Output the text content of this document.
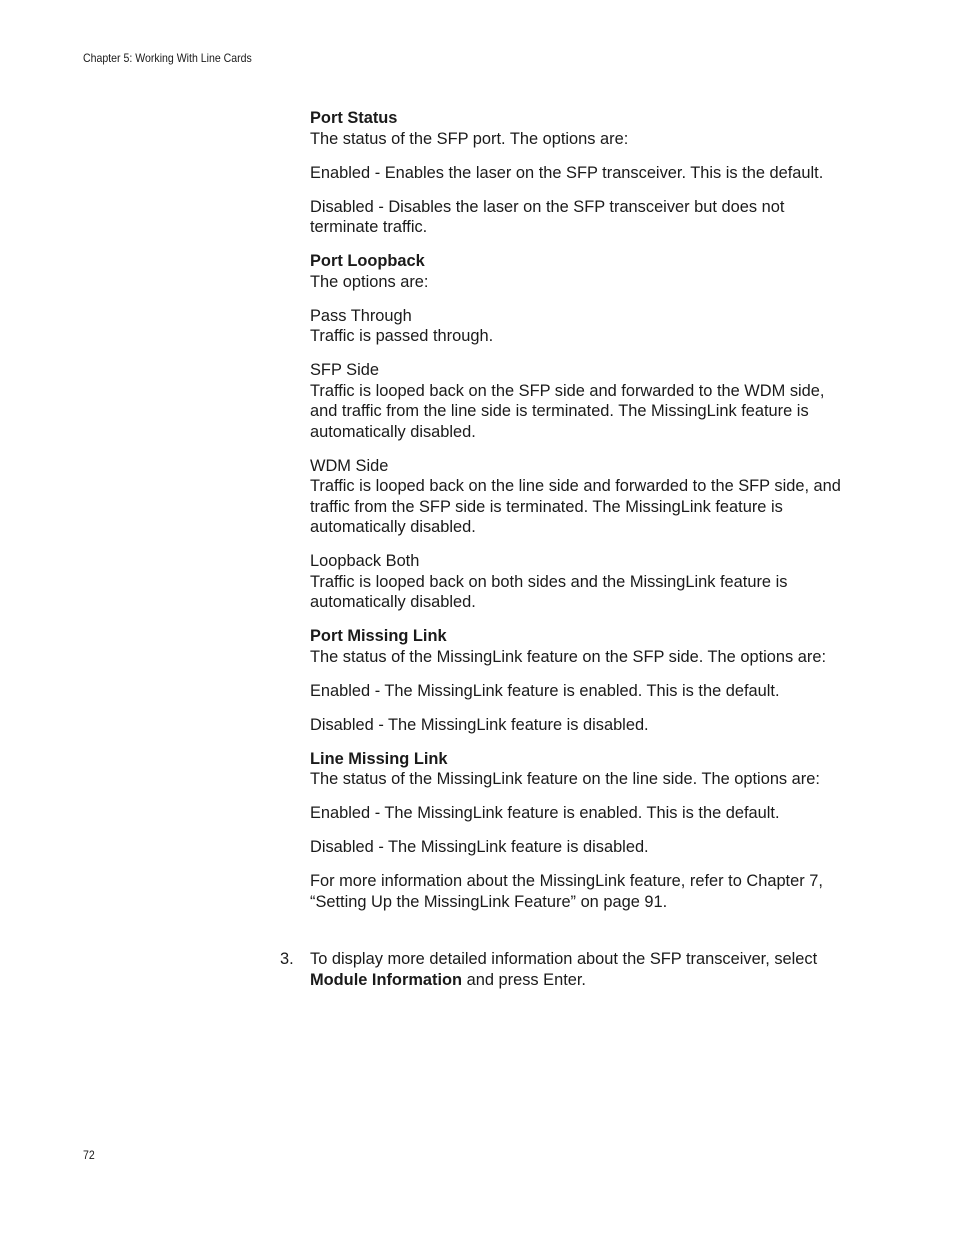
Chapter 5: Working With Line Cards

Port Status

The status of the SFP port. The options are:

Enabled - Enables the laser on the SFP transceiver. This is the default.

Disabled - Disables the laser on the SFP transceiver but does not terminate traffic.

Port Loopback

The options are:

Pass Through

Traffic is passed through.

SFP Side

Traffic is looped back on the SFP side and forwarded to the WDM side, and traffic from the line side is terminated. The MissingLink feature is automatically disabled.

WDM Side

Traffic is looped back on the line side and forwarded to the SFP side, and traffic from the SFP side is terminated. The MissingLink feature is automatically disabled.

Loopback Both

Traffic is looped back on both sides and the MissingLink feature is automatically disabled.

Port Missing Link

The status of the MissingLink feature on the SFP side. The options are:

Enabled - The MissingLink feature is enabled. This is the default.

Disabled - The MissingLink feature is disabled.

Line Missing Link

The status of the MissingLink feature on the line side. The options are:

Enabled - The MissingLink feature is enabled. This is the default.

Disabled - The MissingLink feature is disabled.

For more information about the MissingLink feature, refer to Chapter 7, “Setting Up the MissingLink Feature” on page 91.

3. To display more detailed information about the SFP transceiver, select Module Information and press Enter.
72
